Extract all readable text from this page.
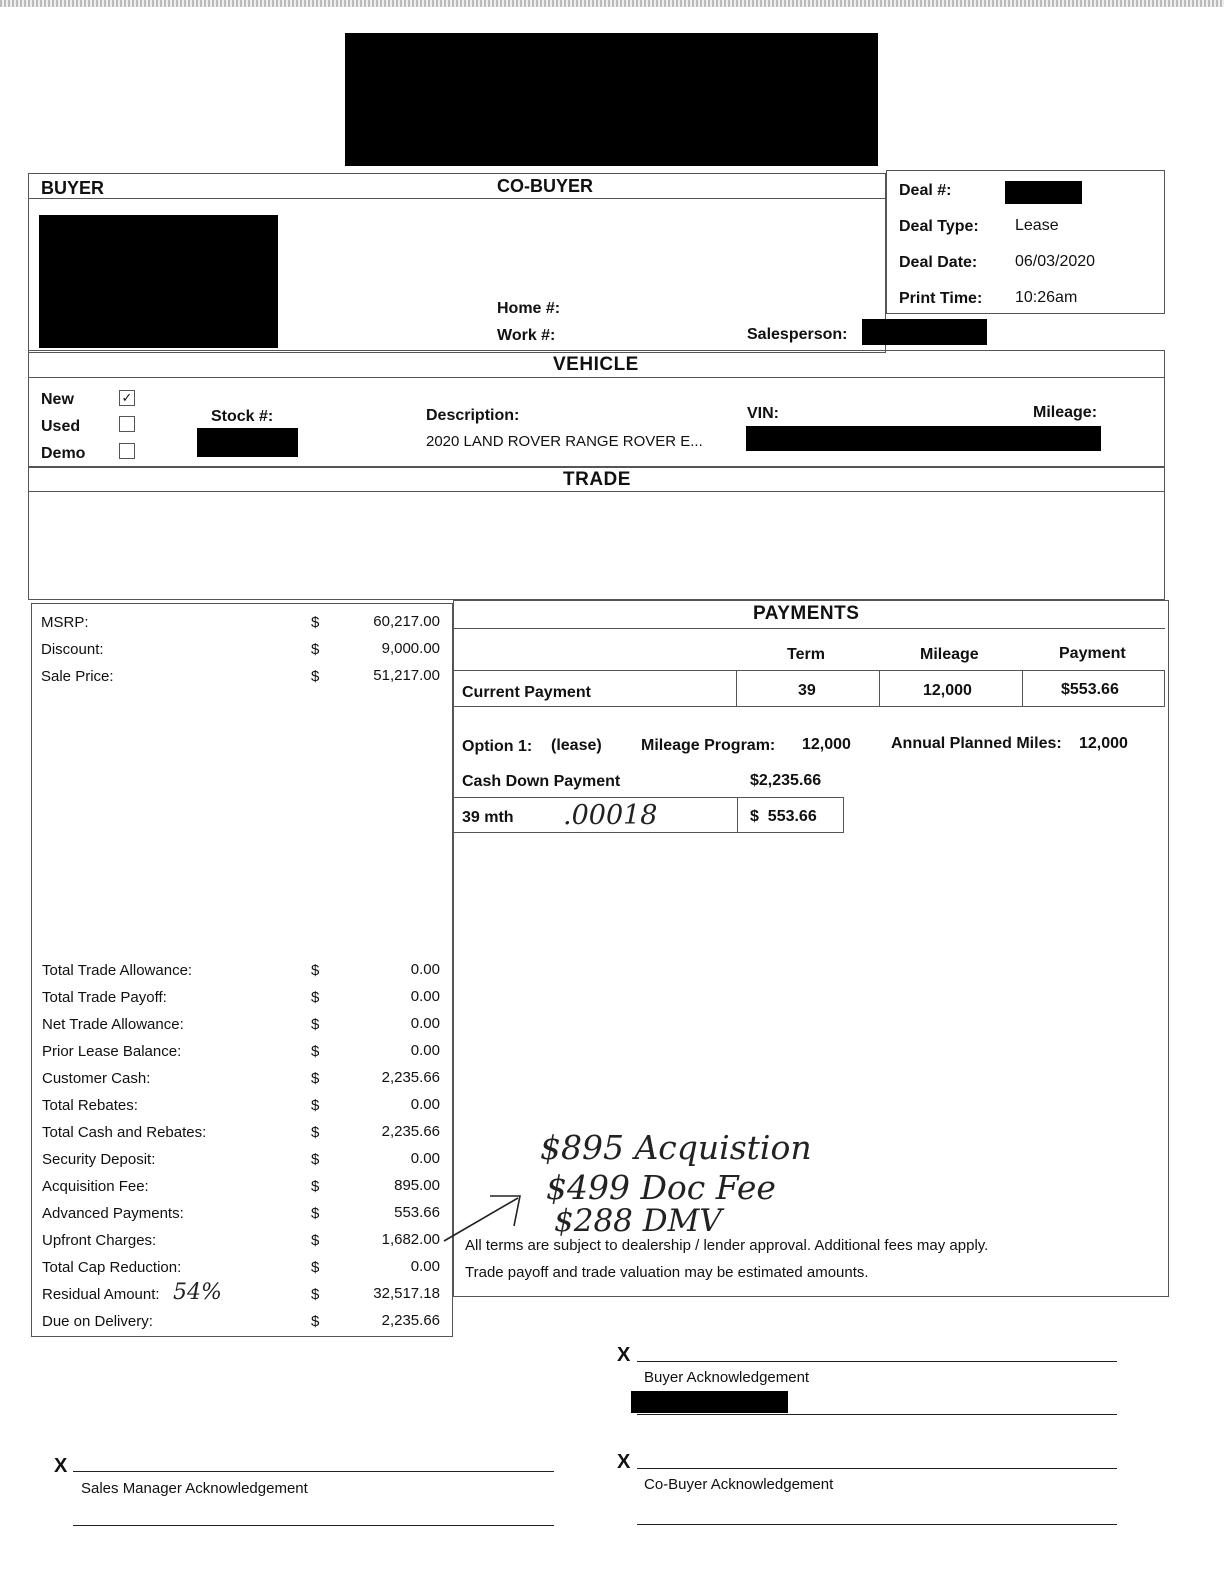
BUYER	CO-BUYER
Home #:
Work #:	Salesperson:
Deal #:
Deal Type: Lease
Deal Date: 06/03/2020
Print Time: 10:26am
VEHICLE
New
Used
Demo
✓
Stock #:	Description:
2020 LAND ROVER RANGE ROVER E...
VIN:	Mileage:
TRADE
MSRP:	$	60,217.00
Discount:	$	9,000.00
Sale Price:	$	51,217.00
Total Trade Allowance:	$	0.00
Total Trade Payoff:	$	0.00
Net Trade Allowance:	$	0.00
Prior Lease Balance:	$	0.00
Customer Cash:	$	2,235.66
Total Rebates:	$	0.00
Total Cash and Rebates:	$	2,235.66
Security Deposit:	$	0.00
Acquisition Fee:	$	895.00
Advanced Payments:	$	553.66
Upfront Charges:	$	1,682.00
Total Cap Reduction:	$	0.00
Residual Amount:	$	32,517.18
Due on Delivery:	$	2,235.66
54%
PAYMENTS
Term	Mileage	Payment
Current Payment	39	12,000	$553.66
Option 1: (lease) Mileage Program: 12,000	Annual Planned Miles: 12,000
Cash Down Payment	$2,235.66
39 mth .00018	$  553.66
$895 Acquistion
$499 Doc Fee
$288 DMV
All terms are subject to dealership / lender approval. Additional fees may apply.
Trade payoff and trade valuation may be estimated amounts.
X
Buyer Acknowledgement
X
Co-Buyer Acknowledgement
X
Sales Manager Acknowledgement
